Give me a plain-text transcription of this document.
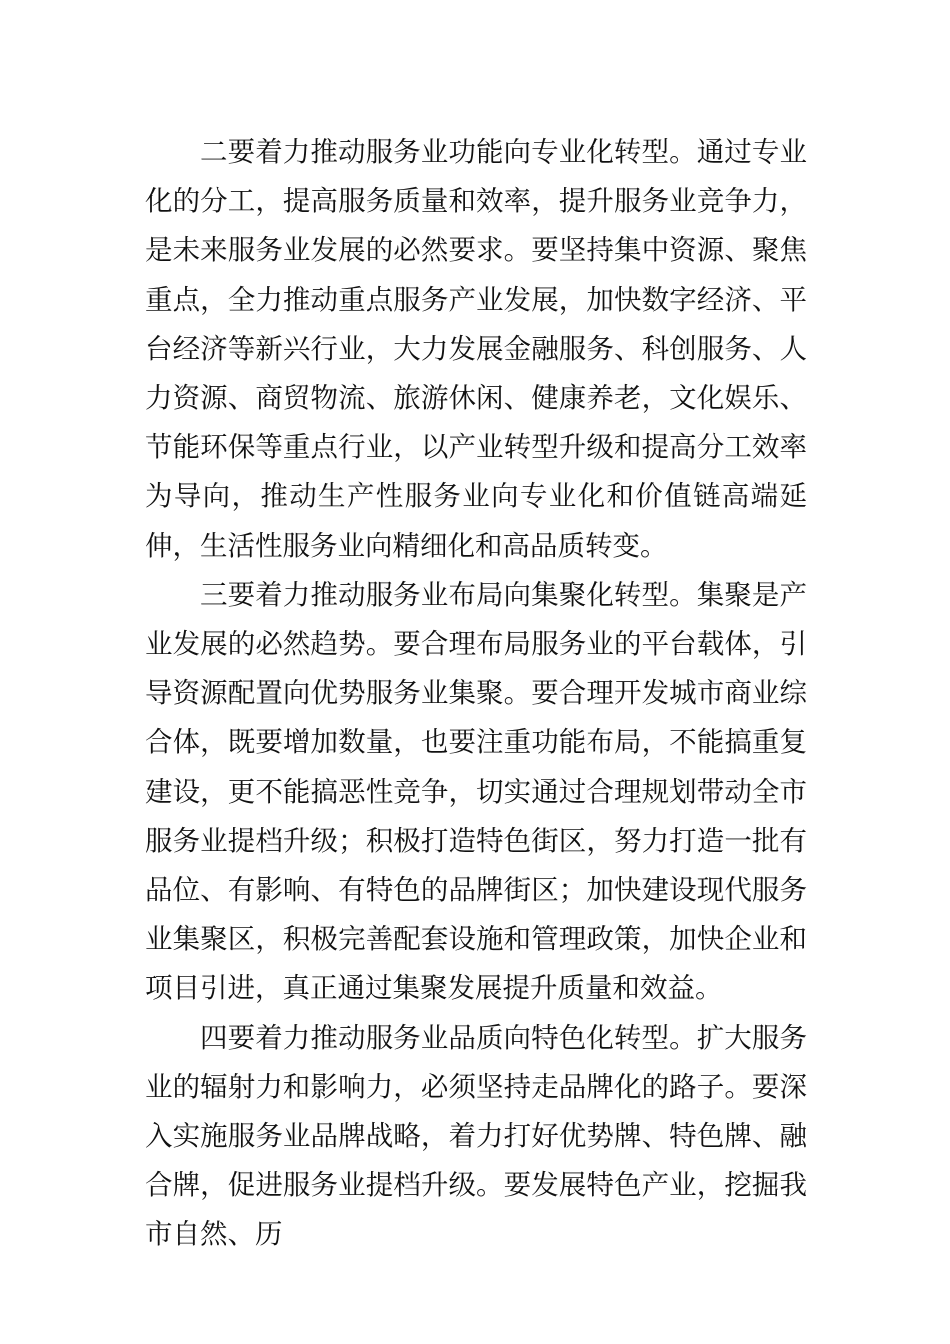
二要着力推动服务业功能向专业化转型。通过专业化的分工，提高服务质量和效率，提升服务业竞争力，是未来服务业发展的必然要求。要坚持集中资源、聚焦重点，全力推动重点服务产业发展，加快数字经济、平台经济等新兴行业，大力发展金融服务、科创服务、人力资源、商贸物流、旅游休闲、健康养老，文化娱乐、节能环保等重点行业，以产业转型升级和提高分工效率为导向，推动生产性服务业向专业化和价值链高端延伸，生活性服务业向精细化和高品质转变。

三要着力推动服务业布局向集聚化转型。集聚是产业发展的必然趋势。要合理布局服务业的平台载体，引导资源配置向优势服务业集聚。要合理开发城市商业综合体，既要增加数量，也要注重功能布局，不能搞重复建设，更不能搞恶性竞争，切实通过合理规划带动全市服务业提档升级；积极打造特色街区，努力打造一批有品位、有影响、有特色的品牌街区；加快建设现代服务业集聚区，积极完善配套设施和管理政策，加快企业和项目引进，真正通过集聚发展提升质量和效益。

四要着力推动服务业品质向特色化转型。扩大服务业的辐射力和影响力，必须坚持走品牌化的路子。要深入实施服务业品牌战略，着力打好优势牌、特色牌、融合牌，促进服务业提档升级。要发展特色产业，挖掘我市自然、历
